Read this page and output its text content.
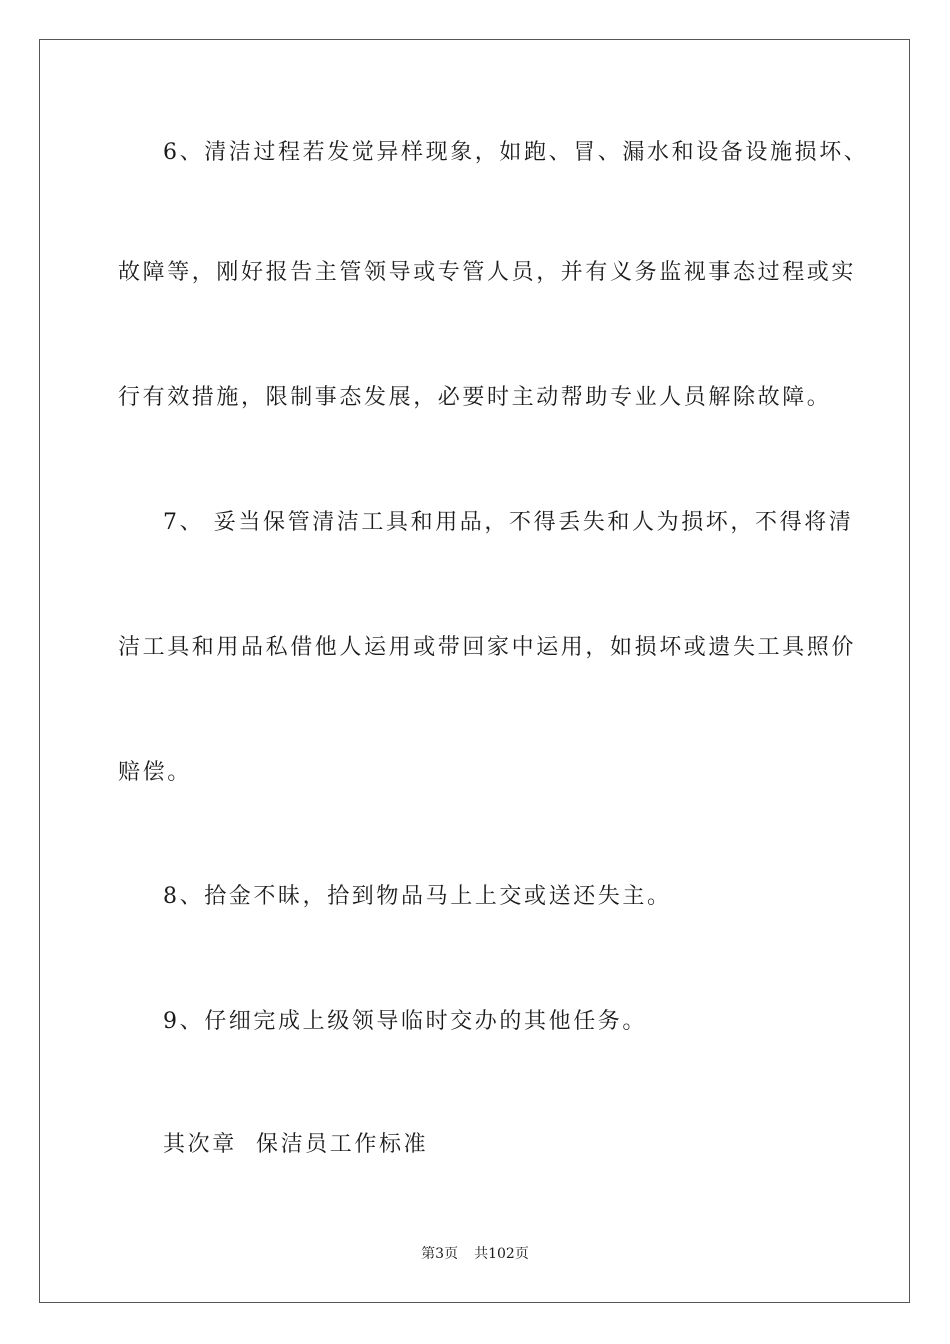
6、清洁过程若发觉异样现象，如跑、冒、漏水和设备设施损坏、
故障等，刚好报告主管领导或专管人员，并有义务监视事态过程或实
行有效措施，限制事态发展，必要时主动帮助专业人员解除故障。
7、 妥当保管清洁工具和用品，不得丢失和人为损坏，不得将清
洁工具和用品私借他人运用或带回家中运用，如损坏或遗失工具照价
赔偿。
8、拾金不昧，拾到物品马上上交或送还失主。
9、仔细完成上级领导临时交办的其他任务。
其次章  保洁员工作标准
第3页 共102页
